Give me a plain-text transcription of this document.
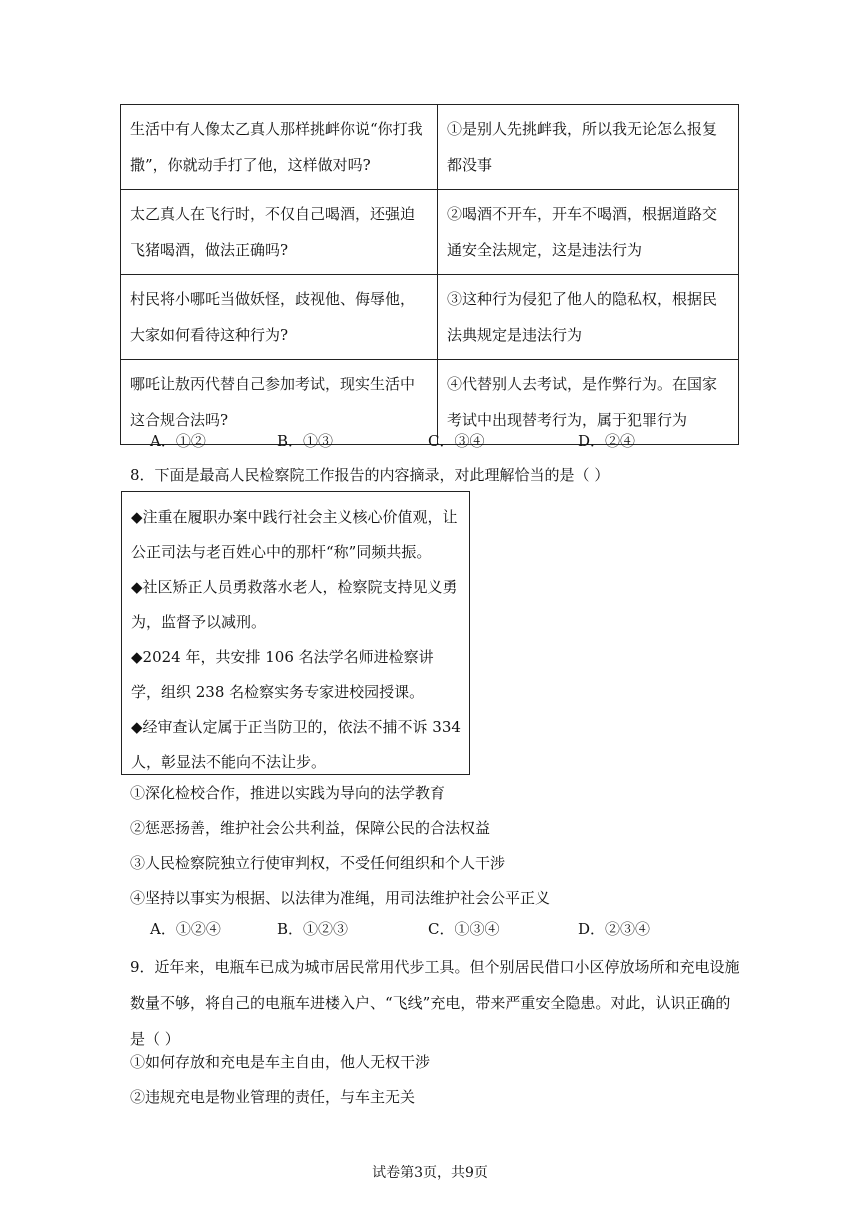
生活中有人像太乙真人那样挑衅你说“你打我撒”，你就动手打了他，这样做对吗?	①是别人先挑衅我，所以我无论怎么报复都没事
太乙真人在飞行时，不仅自己喝酒，还强迫飞猪喝酒，做法正确吗?	②喝酒不开车，开车不喝酒，根据道路交通安全法规定，这是违法行为
村民将小哪吒当做妖怪，歧视他、侮辱他，大家如何看待这种行为?	③这种行为侵犯了他人的隐私权，根据民法典规定是违法行为
哪吒让敖丙代替自己参加考试，现实生活中这合规合法吗?	④代替别人去考试，是作弊行为。在国家考试中出现替考行为，属于犯罪行为
A．①②	B．①③	C．③④	D．②④
8．下面是最高人民检察院工作报告的内容摘录，对此理解恰当的是（ ）

◆注重在履职办案中践行社会主义核心价值观，让公正司法与老百姓心中的那杆“称”同频共振。

◆社区矫正人员勇救落水老人，检察院支持见义勇为，监督予以减刑。

◆2024 年，共安排 106 名法学名师进检察讲学，组织 238 名检察实务专家进校园授课。

◆经审查认定属于正当防卫的，依法不捕不诉 334 人，彰显法不能向不法让步。

①深化检校合作，推进以实践为导向的法学教育
②惩恶扬善，维护社会公共利益，保障公民的合法权益
③人民检察院独立行使审判权，不受任何组织和个人干涉
④坚持以事实为根据、以法律为准绳，用司法维护社会公平正义
A．①②④	B．①②③	C．①③④	D．②③④
9．近年来，电瓶车已成为城市居民常用代步工具。但个别居民借口小区停放场所和充电设施数量不够，将自己的电瓶车进楼入户、“飞线”充电，带来严重安全隐患。对此，认识正确的是（ ）
①如何存放和充电是车主自由，他人无权干涉
②违规充电是物业管理的责任，与车主无关
试卷第3页，共9页
